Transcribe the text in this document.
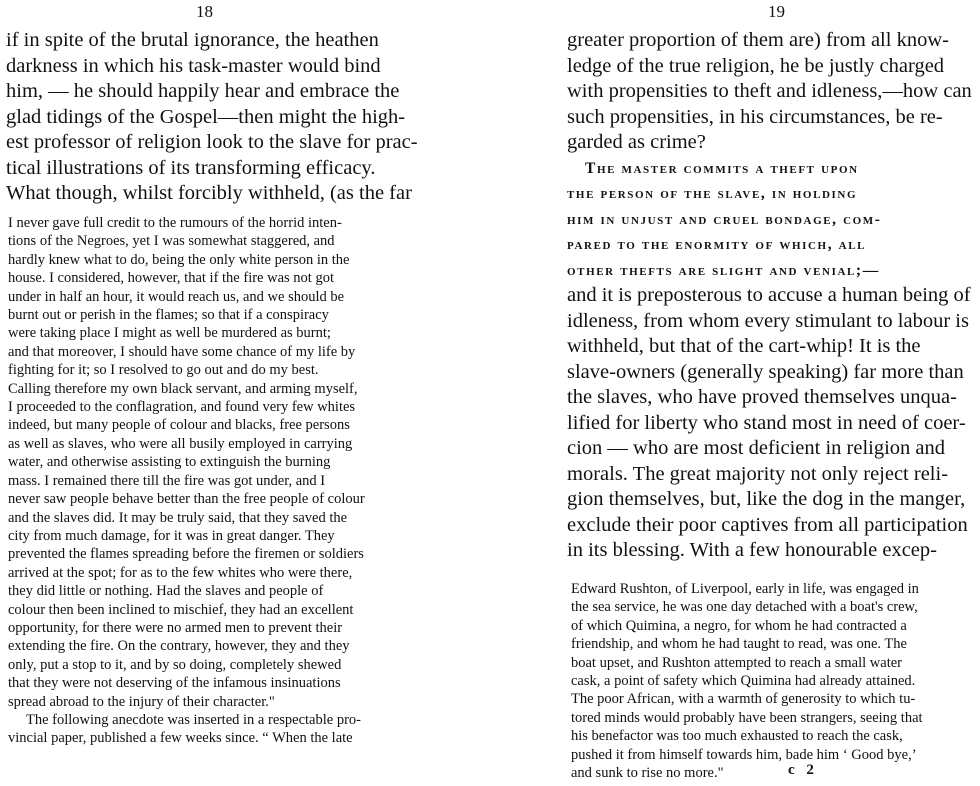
18

if in spite of the brutal ignorance, the heathen

darkness in which his task-master would bind

him, — he should happily hear and embrace the

glad tidings of the Gospel—then might the high-

est professor of religion look to the slave for prac-

tical illustrations of its transforming efficacy.

What though, whilst forcibly withheld, (as the far

I never gave full credit to the rumours of the horrid inten-

tions of the Negroes, yet I was somewhat staggered, and

hardly knew what to do, being the only white person in the

house. I considered, however, that if the fire was not got

under in half an hour, it would reach us, and we should be

burnt out or perish in the flames; so that if a conspiracy

were taking place I might as well be murdered as burnt;

and that moreover, I should have some chance of my life by

fighting for it; so I resolved to go out and do my best.

Calling therefore my own black servant, and arming myself,

I proceeded to the conflagration, and found very few whites

indeed, but many people of colour and blacks, free persons

as well as slaves, who were all busily employed in carrying

water, and otherwise assisting to extinguish the burning

mass. I remained there till the fire was got under, and I

never saw people behave better than the free people of colour

and the slaves did. It may be truly said, that they saved the

city from much damage, for it was in great danger. They

prevented the flames spreading before the firemen or soldiers

arrived at the spot; for as to the few whites who were there,

they did little or nothing. Had the slaves and people of

colour then been inclined to mischief, they had an excellent

opportunity, for there were no armed men to prevent their

extending the fire. On the contrary, however, they and they

only, put a stop to it, and by so doing, completely shewed

that they were not deserving of the infamous insinuations

spread abroad to the injury of their character."

The following anecdote was inserted in a respectable pro-

vincial paper, published a few weeks since. “ When the late

19

greater proportion of them are) from all know-

ledge of the true religion, he be justly charged

with propensities to theft and idleness,—how can

such propensities, in his circumstances, be re-

garded as crime?

The master commits a theft upon

the person of the slave, in holding

him in unjust and cruel bondage, com-

pared to the enormity of which, all

other thefts are slight and venial;—

and it is preposterous to accuse a human being of

idleness, from whom every stimulant to labour is

withheld, but that of the cart-whip! It is the

slave-owners (generally speaking) far more than

the slaves, who have proved themselves unqua-

lified for liberty who stand most in need of coer-

cion — who are most deficient in religion and

morals. The great majority not only reject reli-

gion themselves, but, like the dog in the manger,

exclude their poor captives from all participation

in its blessing. With a few honourable excep-

Edward Rushton, of Liverpool, early in life, was engaged in

the sea service, he was one day detached with a boat's crew,

of which Quimina, a negro, for whom he had contracted a

friendship, and whom he had taught to read, was one. The

boat upset, and Rushton attempted to reach a small water

cask, a point of safety which Quimina had already attained.

The poor African, with a warmth of generosity to which tu-

tored minds would probably have been strangers, seeing that

his benefactor was too much exhausted to reach the cask,

pushed it from himself towards him, bade him ‘ Good bye,’

and sunk to rise no more."	c 2
